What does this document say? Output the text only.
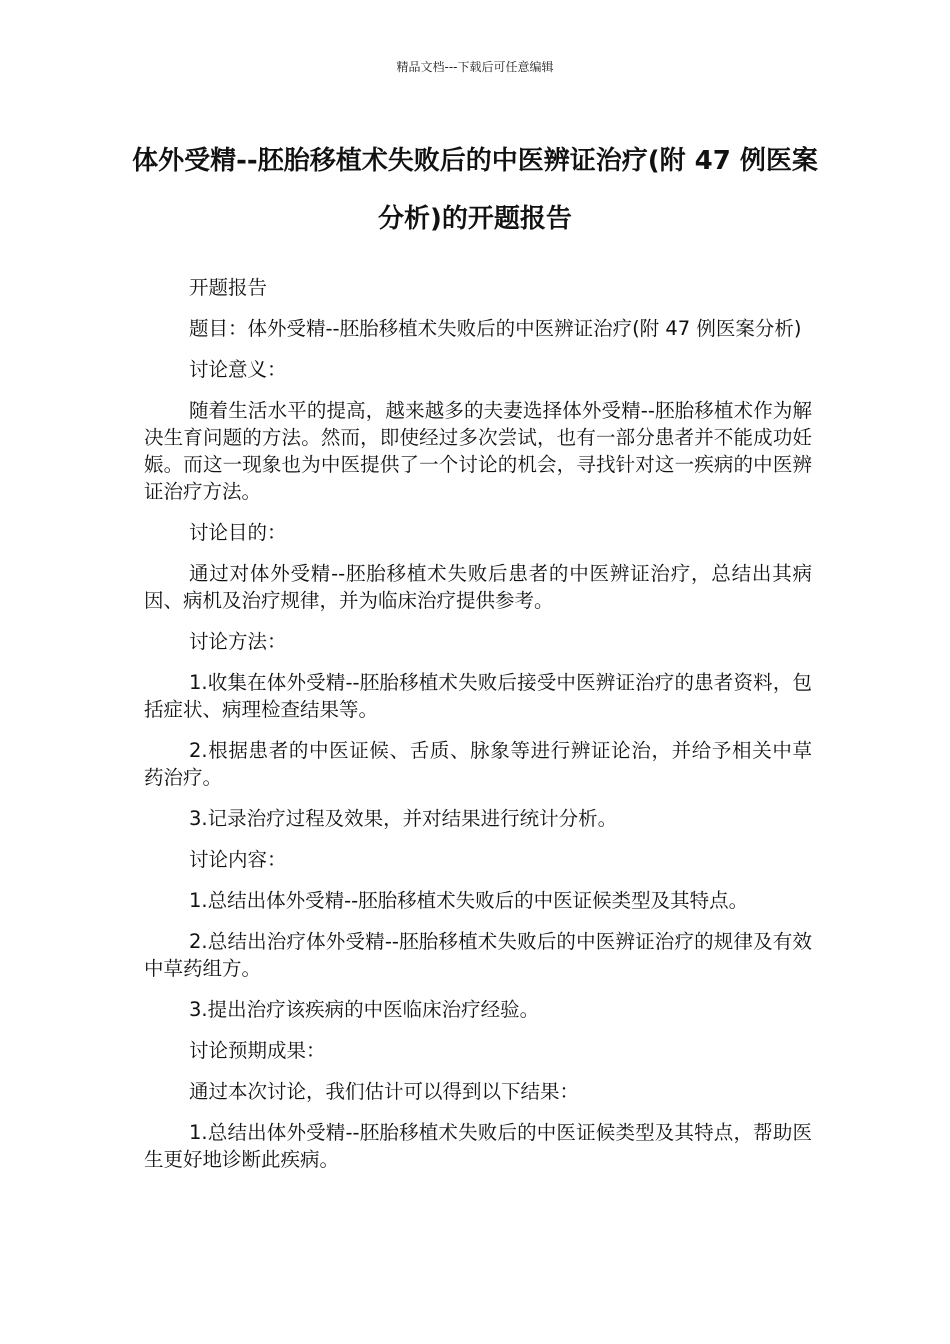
精品文档---下载后可任意编辑
体外受精--胚胎移植术失败后的中医辨证治疗(附 47 例医案分析)的开题报告

开题报告

题目：体外受精--胚胎移植术失败后的中医辨证治疗(附 47 例医案分析)

讨论意义：

随着生活水平的提高，越来越多的夫妻选择体外受精--胚胎移植术作为解决生育问题的方法。然而，即使经过多次尝试，也有一部分患者并不能成功妊娠。而这一现象也为中医提供了一个讨论的机会，寻找针对这一疾病的中医辨证治疗方法。

讨论目的：

通过对体外受精--胚胎移植术失败后患者的中医辨证治疗，总结出其病因、病机及治疗规律，并为临床治疗提供参考。

讨论方法：

1.收集在体外受精--胚胎移植术失败后接受中医辨证治疗的患者资料，包括症状、病理检查结果等。

2.根据患者的中医证候、舌质、脉象等进行辨证论治，并给予相关中草药治疗。

3.记录治疗过程及效果，并对结果进行统计分析。

讨论内容：

1.总结出体外受精--胚胎移植术失败后的中医证候类型及其特点。

2.总结出治疗体外受精--胚胎移植术失败后的中医辨证治疗的规律及有效中草药组方。

3.提出治疗该疾病的中医临床治疗经验。

讨论预期成果：

通过本次讨论，我们估计可以得到以下结果：

1.总结出体外受精--胚胎移植术失败后的中医证候类型及其特点，帮助医生更好地诊断此疾病。
